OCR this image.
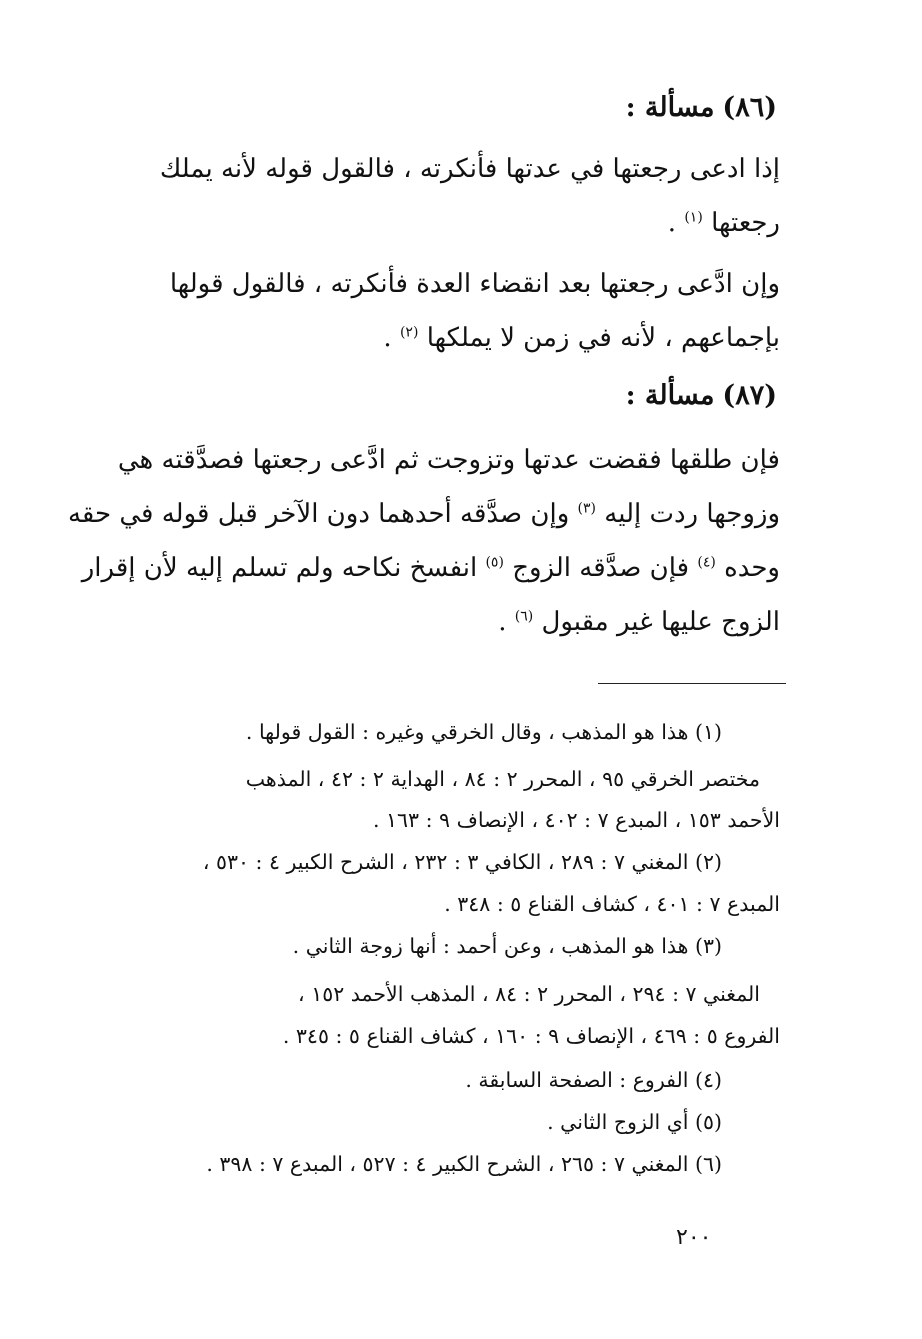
(٨٦)مسألة :
إذا ادعى رجعتها في عدتها فأنكرته ، فالقول قوله لأنه يملك
رجعتها $^{(١)}$ .
وإن ادَّعى رجعتها بعد انقضاء العدة فأنكرته ، فالقول قولها
بإجماعهم ، لأنه في زمن لا يملكها $^{(٢)}$ .
(٨٧)مسألة :
فإن طلقها فقضت عدتها وتزوجت ثم ادَّعى رجعتها فصدَّقته هي
وزوجها ردت إليه $^{(٣)}$ وإن صدَّقه أحدهما دون الآخر قبل قوله في حقه
وحده $^{(٤)}$ فإن صدَّقه الزوج $^{(٥)}$ انفسخ نكاحه ولم تسلم إليه لأن إقرار
الزوج عليها غير مقبول $^{(٦)}$ .
(١) هذا هو المذهب ، وقال الخرقي وغيره : القول قولها .
مختصر الخرقي ٩٥ ، المحرر ٢ : ٨٤ ، الهداية ٢ : ٤٢ ، المذهب
الأحمد ١٥٣ ، المبدع ٧ : ٤٠٢ ، الإنصاف ٩ : ١٦٣ .
(٢) المغني ٧ : ٢٨٩ ، الكافي ٣ : ٢٣٢ ، الشرح الكبير ٤ : ٥٣٠ ،
المبدع ٧ : ٤٠١ ، كشاف القناع ٥ : ٣٤٨ .
(٣) هذا هو المذهب ، وعن أحمد : أنها زوجة الثاني .
المغني ٧ : ٢٩٤ ، المحرر ٢ : ٨٤ ، المذهب الأحمد ١٥٢ ،
الفروع ٥ : ٤٦٩ ، الإنصاف ٩ : ١٦٠ ، كشاف القناع ٥ : ٣٤٥ .
(٤) الفروع : الصفحة السابقة .
(٥) أي الزوج الثاني .
(٦) المغني ٧ : ٢٦٥ ، الشرح الكبير ٤ : ٥٢٧ ، المبدع ٧ : ٣٩٨ .
٢٠٠
